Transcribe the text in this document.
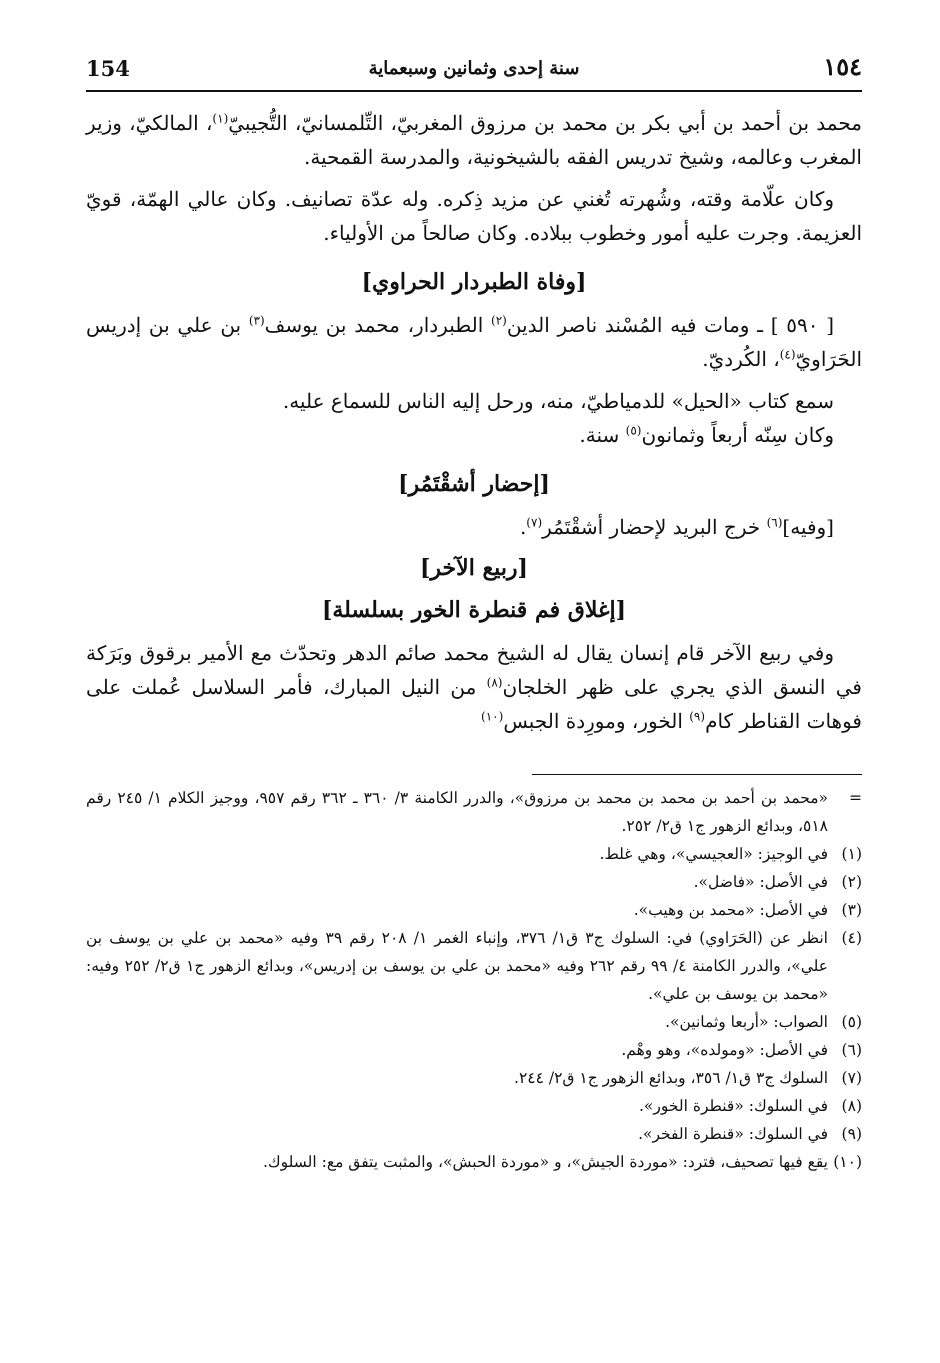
154	سنة إحدى وثمانين وسبعماية	١٥٤

محمد بن أحمد بن أبي بكر بن محمد بن مرزوق المغربيّ، التِّلمسانيّ، التُّجيبيّ$^{(١)}$، المالكيّ، وزير المغرب وعالمه، وشيخ تدريس الفقه بالشيخونية، والمدرسة القمحية.

وكان علّامة وقته، وشُهرته تُغني عن مزيد ذِكره. وله عدّة تصانيف. وكان عالي الهمّة، قويّ العزيمة. وجرت عليه أمور وخطوب ببلاده. وكان صالحاً من الأولياء.

[وفاة الطبردار الحراوي]

[ ٥٩٠ ] ـ ومات فيه المُسْند ناصر الدين$^{(٢)}$ الطبردار، محمد بن يوسف$^{(٣)}$ بن علي بن إدريس الحَرَاويّ$^{(٤)}$، الكُرديّ.

سمع كتاب «الحيل» للدمياطيّ، منه، ورحل إليه الناس للسماع عليه.

وكان سِنّه أربعاً وثمانون$^{(٥)}$ سنة.

[إحضار أشقْتَمُر]

[وفيه]$^{(٦)}$ خرج البريد لإحضار أشقْتَمُر$^{(٧)}$.

[ربيع الآخر]
[إغلاق فم قنطرة الخور بسلسلة]

وفي ربيع الآخر قام إنسان يقال له الشيخ محمد صائم الدهر وتحدّث مع الأمير برقوق وبَرَكة في النسق الذي يجري على ظهر الخلجان$^{(٨)}$ من النيل المبارك، فأمر السلاسل عُملت على فوهات القناطر كام$^{(٩)}$ الخور، ومورِدة الجبس$^{(١٠)}$

=
«محمد بن أحمد بن محمد بن محمد بن مرزوق»، والدرر الكامنة ٣/ ٣٦٠ ـ ٣٦٢ رقم ٩٥٧، ووجيز الكلام ١/ ٢٤٥ رقم ٥١٨، وبدائع الزهور ج١ ق٢/ ٢٥٢.
(١)
في الوجيز: «العجيسي»، وهي غلط.
(٢)
في الأصل: «فاضل».
(٣)
في الأصل: «محمد بن وهيب».
(٤)
انظر عن (الحَرَاوي) في: السلوك ج٣ ق١/ ٣٧٦، وإنباء الغمر ١/ ٢٠٨ رقم ٣٩ وفيه «محمد بن علي بن يوسف بن علي»، والدرر الكامنة ٤/ ٩٩ رقم ٢٦٢ وفيه «محمد بن علي بن يوسف بن إدريس»، وبدائع الزهور ج١ ق٢/ ٢٥٢ وفيه: «محمد بن يوسف بن علي».
(٥)
الصواب: «أربعا وثمانين».
(٦)
في الأصل: «ومولده»، وهو وهْم.
(٧)
السلوك ج٣ ق١/ ٣٥٦، وبدائع الزهور ج١ ق٢/ ٢٤٤.
(٨)
في السلوك: «قنطرة الخور».
(٩)
في السلوك: «قنطرة الفخر».
(١٠)
يقع فيها تصحيف، فترد: «موردة الجيش»، و «موردة الحبش»، والمثبت يتفق مع: السلوك.
